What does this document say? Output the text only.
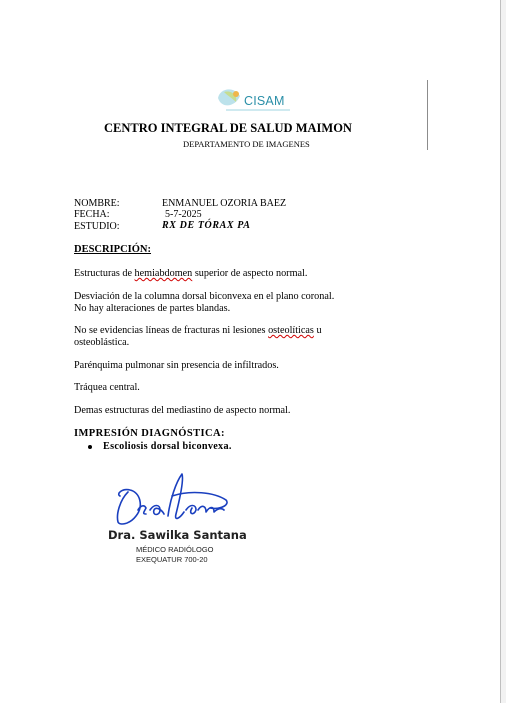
CISAM
CENTRO INTEGRAL DE SALUD MAIMON
DEPARTAMENTO DE IMAGENES
NOMBRE:	ENMANUEL OZORIA BAEZ
FECHA:	5-7-2025
ESTUDIO:	RX DE TÓRAX PA
DESCRIPCIÓN:
Estructuras de hemiabdomen superior de aspecto normal.
Desviación de la columna dorsal biconvexa en el plano coronal.
No hay alteraciones de partes blandas.
No se evidencias líneas de fracturas ni lesiones osteolíticas u
osteoblástica.
Parénquima pulmonar sin presencia de infiltrados.
Tráquea central.
Demas estructuras del mediastino de aspecto normal.
IMPRESIÓN DIAGNÓSTICA:
Escoliosis dorsal biconvexa.
Dra. Sawilka Santana
MÉDICO RADIÓLOGO
EXEQUATUR 700-20
